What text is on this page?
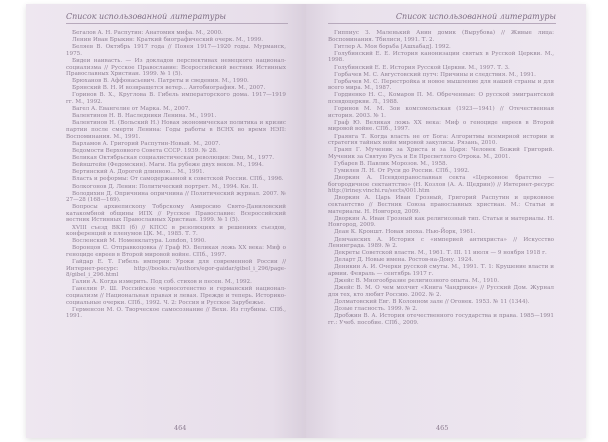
Список использованной литературы

Бегалов А. Н. Распутин: Анатомия мифа. М., 2000.

Ленин Иван Брыкин: Краткий биографический очерк. М., 1999.

Беляев В. Октябрь 1917 года // Пояея 1917—1920 годы. Мурманск, 1975.

Бидеи наивасть. — Из докладов перспективах немецкого национал-социализма // Русское Православие: Всероссийский вестник Истинных Православных Христиан. 1999. № 1 (5).

Брюханов В. Аффонасьевич. Патреты и сведения. М., 1990.

Брянский В. Н. И возвращется ветер... Автобиография. М., 2007.

Горинов В. Х., Круглова В. Гибель императорского дома. 1917—1919 гг. М., 1992.

Вагел А. Евангелие от Марка. М., 2007.

Валентинов Н. В. Наследники Ленина. М., 1991.

Валентинов Н. (Вольский Н.) Новая экономическая политика и кризис партии после смерти Ленина: Годы работы в ВСНХ во время НЭП: Воспоминания. М., 1991.

Варламов А. Григорий Распутин-Новый. М., 2007.

Ведомости Верховного Совета СССР. 1939. № 28.

Великая Октябрьская социалистическая революция: Энц. М., 1977.

Вейнштейн (Федомскин). Маги. На рубеже двух веков. М., 1994.

Вертинский А. Дорогой длинною... М., 1991.

Власть и реформы: От самодержавной к советской России. СПб., 1996.

Волкогонов Д. Ленин: Политический портрет. М., 1994. Кн. II.

Володихин Д. Опричнина опричнина // Политический журнал. 2007. № 27—28 (168—169).

Вопросы архиепископу Тобрскому Амвросию Свято-Даниловский катакомбной общины ИПХ // Русское Православие: Всероссийский вестник Истинных Православных Христиан. 1999. № 1 (5).

XVIII съезд ВКП (б) // КПСС в резолюциях и решениях съездов, конференций и пленумов ЦК. М., 1985. Т. 7.

Восленский М. Номенклатура. London, 1990.

Воронцов С. Отправкоцовка // Граф Ю. Великая ложь XX века: Миф о геноциде евреев в Второй мировой войне. СПб., 1997.

Гайдар Е. Т. Гибель империи: Уроки для современной России // Интернет-ресурс: http://books.ru/authors/egor-gaidar/gibel_i_296/page-8/gibel_i_296.html

Галин А. Когда измерить. Под соб. стихов и песен. М., 1992.

Ганелин Р. Ш. Российское черносотенство и германский национал-социализм // Национальная правая и левая. Прежде и теперь. Историко-социальные очерки. СПб., 1992. Ч. 2: Россия и Русское Зарубежье.

Герменсон М. О. Творческое самосознание // Вехи. Из глубины. СПб., 1991.

464
Список использованной литературы

Гиппиус З. Маленький Анин домик (Вырубова) // Живые лица: Воспоминания. Тбилиси, 1991. Т. 2.

Гитлер А. Моя борьба [Ашхабад]. 1992.

Голубинский Е. Е. История канонизации святых в Русской Церкви. М., 1998.

Голубинский Е. Е. История Русской Церкви. М., 1997. Т. 3.

Горбачев М. С. Августовский путч: Причины и следствия. М., 1991.

Горбачев М. С. Перестройка и новое мышление для нашей страны и для всего мира. М., 1987.

Гордиенко Н. С., Комаров П. М. Обреченные: О русской эмигрантской псевдоцеркви. Л., 1988.

Горинов М. М. Зои комсомольская (1923—1941) // Отечественная история. 2003. № 1.

Граф Ю. Великая ложь XX века: Миф о геноциде евреев в Второй мировой войне. СПб., 1997.

Граянга Т. Когда власть не от Бога: Алгоритмы всемирной истории и стратегия тайных войн мировой закулисы. Рязань, 2010.

Граяп Г. Мученик за Христа и за Царя: Человек Божий Григорий. Мученик за Святую Русь и Ея Пресветлого Отрока. М., 2001.

Губарев В. Павлик Морозов. М., 1958.

Гумилев Л. Н. От Руси до России. СПб., 1992.

Дворкин А. Псевдоправославная секта «Церковное братство — богородичное сектантство» (Н. Козлов (А. А. Щедрин)) // Интернет-ресурс http://iriney.vinchi.ru/sects/001.htm

Дворкин А. Царь Иван Грозный, Григорий Распутин и церковное сектантство // Вестник Союза православных христиан. М.: Статьи и материалы. Н. Новгород, 2009.

Дворкин А. Иван Грозный как религиозный тип. Статьи и материалы. Н. Новгород, 2009.

Деан К. Кроншт. Новая эпоха. Нью-Йорк, 1961.

Демчанских А. История с «империей антихриста» // Искусство Ленинграда. 1989. № 2.

Декреты Советской власти. М., 1961. Т. III. 11 июля — 9 ноября 1918 г.

Деларт Д. Новые имена. Ростов-на-Дону. 1924.

Деникин А. И. Очерки русской смуты. М., 1991. Т. 1: Крушение власти и армии. Февраль — сентябрь 1917 г.

Джейс В. Многообразие религиозного опыта. М., 1910.

Джейс В. М. О чем молчит «Книга Чандрики» // Русский Дом. Журнал для тех, кто любит Россию. 2002. № 2.

Долматовский Евг. В Колонном зале // Огонек. 1953. № 11 (1344).

Дозые гласность. 1999. № 2.

Дробжин В. А. История отечественного государства и права. 1985—1991 гг.: Учеб. пособие. СПб., 2009.

465
